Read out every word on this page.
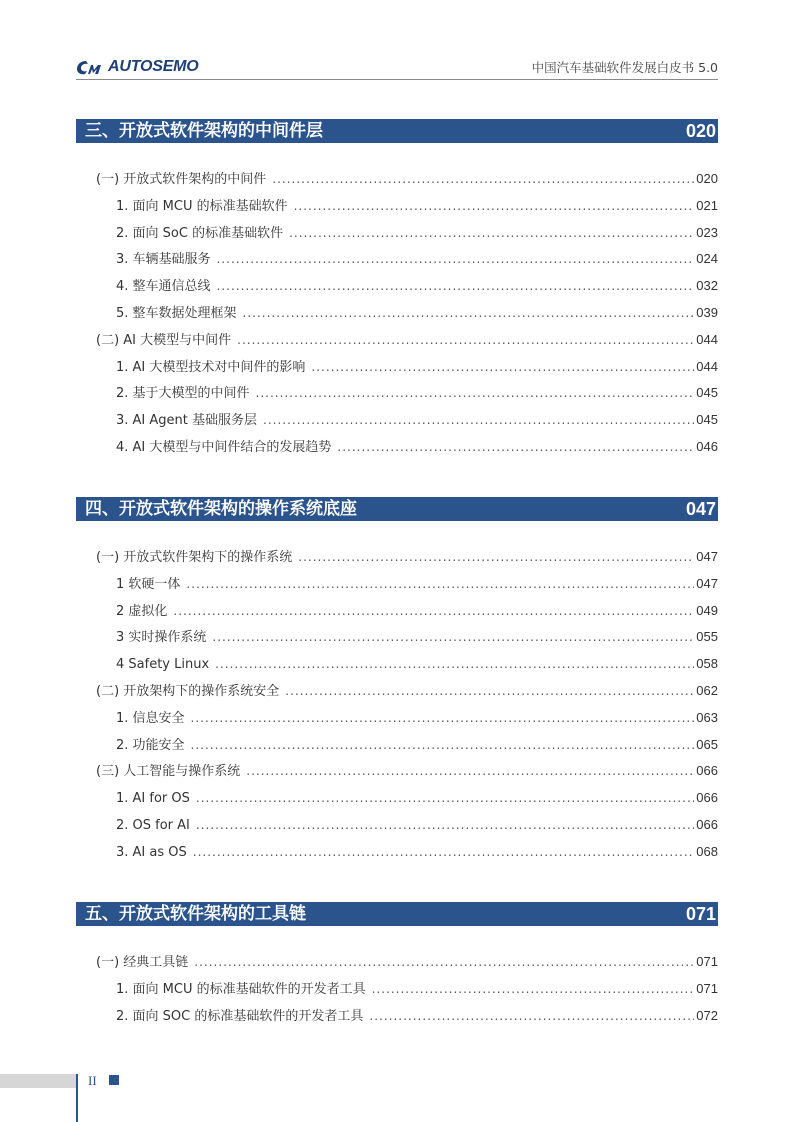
AUTOSEMO	中国汽车基础软件发展白皮书 5.0
三、开放式软件架构的中间件层	020
(一) 开放式软件架构的中间件 .....	020
1. 面向 MCU 的标准基础软件 .....	021
2. 面向 SoC 的标准基础软件 .....	023
3. 车辆基础服务 .....	024
4. 整车通信总线 .....	032
5. 整车数据处理框架 .....	039
(二) AI 大模型与中间件 .....	044
1. AI 大模型技术对中间件的影响 .....	044
2. 基于大模型的中间件 .....	045
3. AI Agent 基础服务层 .....	045
4. AI 大模型与中间件结合的发展趋势 .....	046
四、开放式软件架构的操作系统底座	047
(一) 开放式软件架构下的操作系统 .....	047
1 软硬一体 .....	047
2 虚拟化 .....	049
3 实时操作系统 .....	055
4 Safety Linux .....	058
(二) 开放架构下的操作系统安全 .....	062
1. 信息安全 .....	063
2. 功能安全 .....	065
(三) 人工智能与操作系统 .....	066
1. AI for OS .....	066
2. OS for AI .....	066
3. AI as OS .....	068
五、开放式软件架构的工具链	071
(一) 经典工具链 .....	071
1. 面向 MCU 的标准基础软件的开发者工具 .....	071
2. 面向 SOC 的标准基础软件的开发者工具 .....	072
II
